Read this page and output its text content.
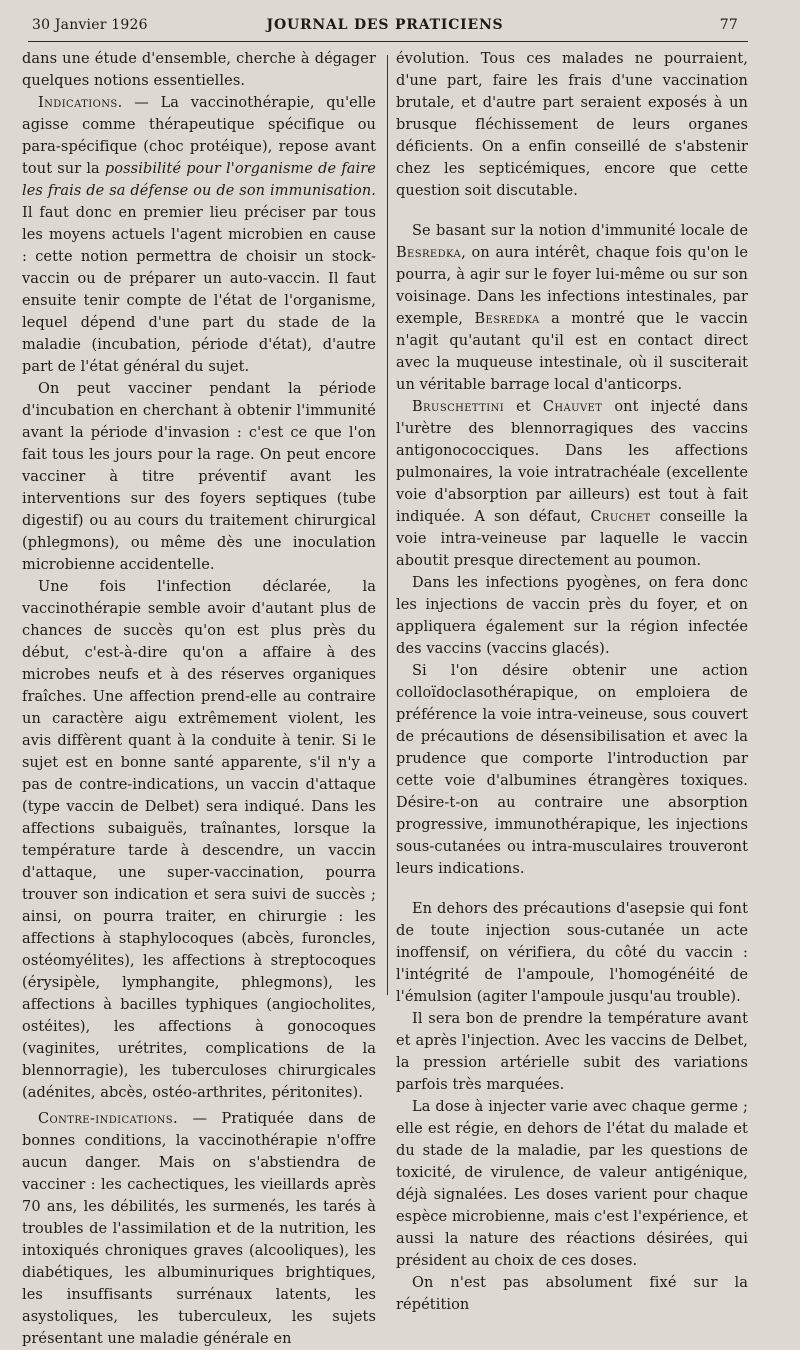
30 Janvier 1926	JOURNAL DES PRATICIENS	77

dans une étude d'ensemble, cherche à dégager quelques notions essentielles.

Indications. — La vaccinothérapie, qu'elle agisse comme thérapeutique spécifique ou para-spécifique (choc protéique), repose avant tout sur la possibilité pour l'organisme de faire les frais de sa défense ou de son immunisation. Il faut donc en premier lieu préciser par tous les moyens actuels l'agent microbien en cause : cette notion permettra de choisir un stock-vaccin ou de préparer un auto-vaccin. Il faut ensuite tenir compte de l'état de l'organisme, lequel dépend d'une part du stade de la maladie (incubation, période d'état), d'autre part de l'état général du sujet.

On peut vacciner pendant la période d'incubation en cherchant à obtenir l'immunité avant la période d'invasion : c'est ce que l'on fait tous les jours pour la rage. On peut encore vacciner à titre préventif avant les interventions sur des foyers septiques (tube digestif) ou au cours du traitement chirurgical (phlegmons), ou même dès une inoculation microbienne accidentelle.

Une fois l'infection déclarée, la vaccinothérapie semble avoir d'autant plus de chances de succès qu'on est plus près du début, c'est-à-dire qu'on a affaire à des microbes neufs et à des réserves organiques fraîches. Une affection prend-elle au contraire un caractère aigu extrêmement violent, les avis diffèrent quant à la conduite à tenir. Si le sujet est en bonne santé apparente, s'il n'y a pas de contre-indications, un vaccin d'attaque (type vaccin de Delbet) sera indiqué. Dans les affections subaiguës, traînantes, lorsque la température tarde à descendre, un vaccin d'attaque, une super-vaccination, pourra trouver son indication et sera suivi de succès ; ainsi, on pourra traiter, en chirurgie : les affections à staphylocoques (abcès, furoncles, ostéomyélites), les affections à streptocoques (érysipèle, lymphangite, phlegmons), les affections à bacilles typhiques (angiocholites, ostéites), les affections à gonocoques (vaginites, urétrites, complications de la blennorragie), les tuberculoses chirurgicales (adénites, abcès, ostéo-arthrites, péritonites).

Contre-indications. — Pratiquée dans de bonnes conditions, la vaccinothérapie n'offre aucun danger. Mais on s'abstiendra de vacciner : les cachectiques, les vieillards après 70 ans, les débilités, les surmenés, les tarés à troubles de l'assimilation et de la nutrition, les intoxiqués chroniques graves (alcooliques), les diabétiques, les albuminuriques brightiques, les insuffisants surrénaux latents, les asystoliques, les tuberculeux, les sujets présentant une maladie générale en

évolution. Tous ces malades ne pourraient, d'une part, faire les frais d'une vaccination brutale, et d'autre part seraient exposés à un brusque fléchissement de leurs organes déficients. On a enfin conseillé de s'abstenir chez les septicémiques, encore que cette question soit discutable.

Se basant sur la notion d'immunité locale de Besredka, on aura intérêt, chaque fois qu'on le pourra, à agir sur le foyer lui-même ou sur son voisinage. Dans les infections intestinales, par exemple, Besredka a montré que le vaccin n'agit qu'autant qu'il est en contact direct avec la muqueuse intestinale, où il susciterait un véritable barrage local d'anticorps.

Bruschettini et Chauvet ont injecté dans l'urètre des blennorragiques des vaccins antigonococciques. Dans les affections pulmonaires, la voie intratrachéale (excellente voie d'absorption par ailleurs) est tout à fait indiquée. A son défaut, Cruchet conseille la voie intra-veineuse par laquelle le vaccin aboutit presque directement au poumon.

Dans les infections pyogènes, on fera donc les injections de vaccin près du foyer, et on appliquera également sur la région infectée des vaccins (vaccins glacés).

Si l'on désire obtenir une action colloïdoclasothérapique, on emploiera de préférence la voie intra-veineuse, sous couvert de précautions de désensibilisation et avec la prudence que comporte l'introduction par cette voie d'albumines étrangères toxiques. Désire-t-on au contraire une absorption progressive, immunothérapique, les injections sous-cutanées ou intra-musculaires trouveront leurs indications.

En dehors des précautions d'asepsie qui font de toute injection sous-cutanée un acte inoffensif, on vérifiera, du côté du vaccin : l'intégrité de l'ampoule, l'homogénéité de l'émulsion (agiter l'ampoule jusqu'au trouble).

Il sera bon de prendre la température avant et après l'injection. Avec les vaccins de Delbet, la pression artérielle subit des variations parfois très marquées.

La dose à injecter varie avec chaque germe ; elle est régie, en dehors de l'état du malade et du stade de la maladie, par les questions de toxicité, de virulence, de valeur antigénique, déjà signalées. Les doses varient pour chaque espèce microbienne, mais c'est l'expérience, et aussi la nature des réactions désirées, qui président au choix de ces doses.

On n'est pas absolument fixé sur la répétition
